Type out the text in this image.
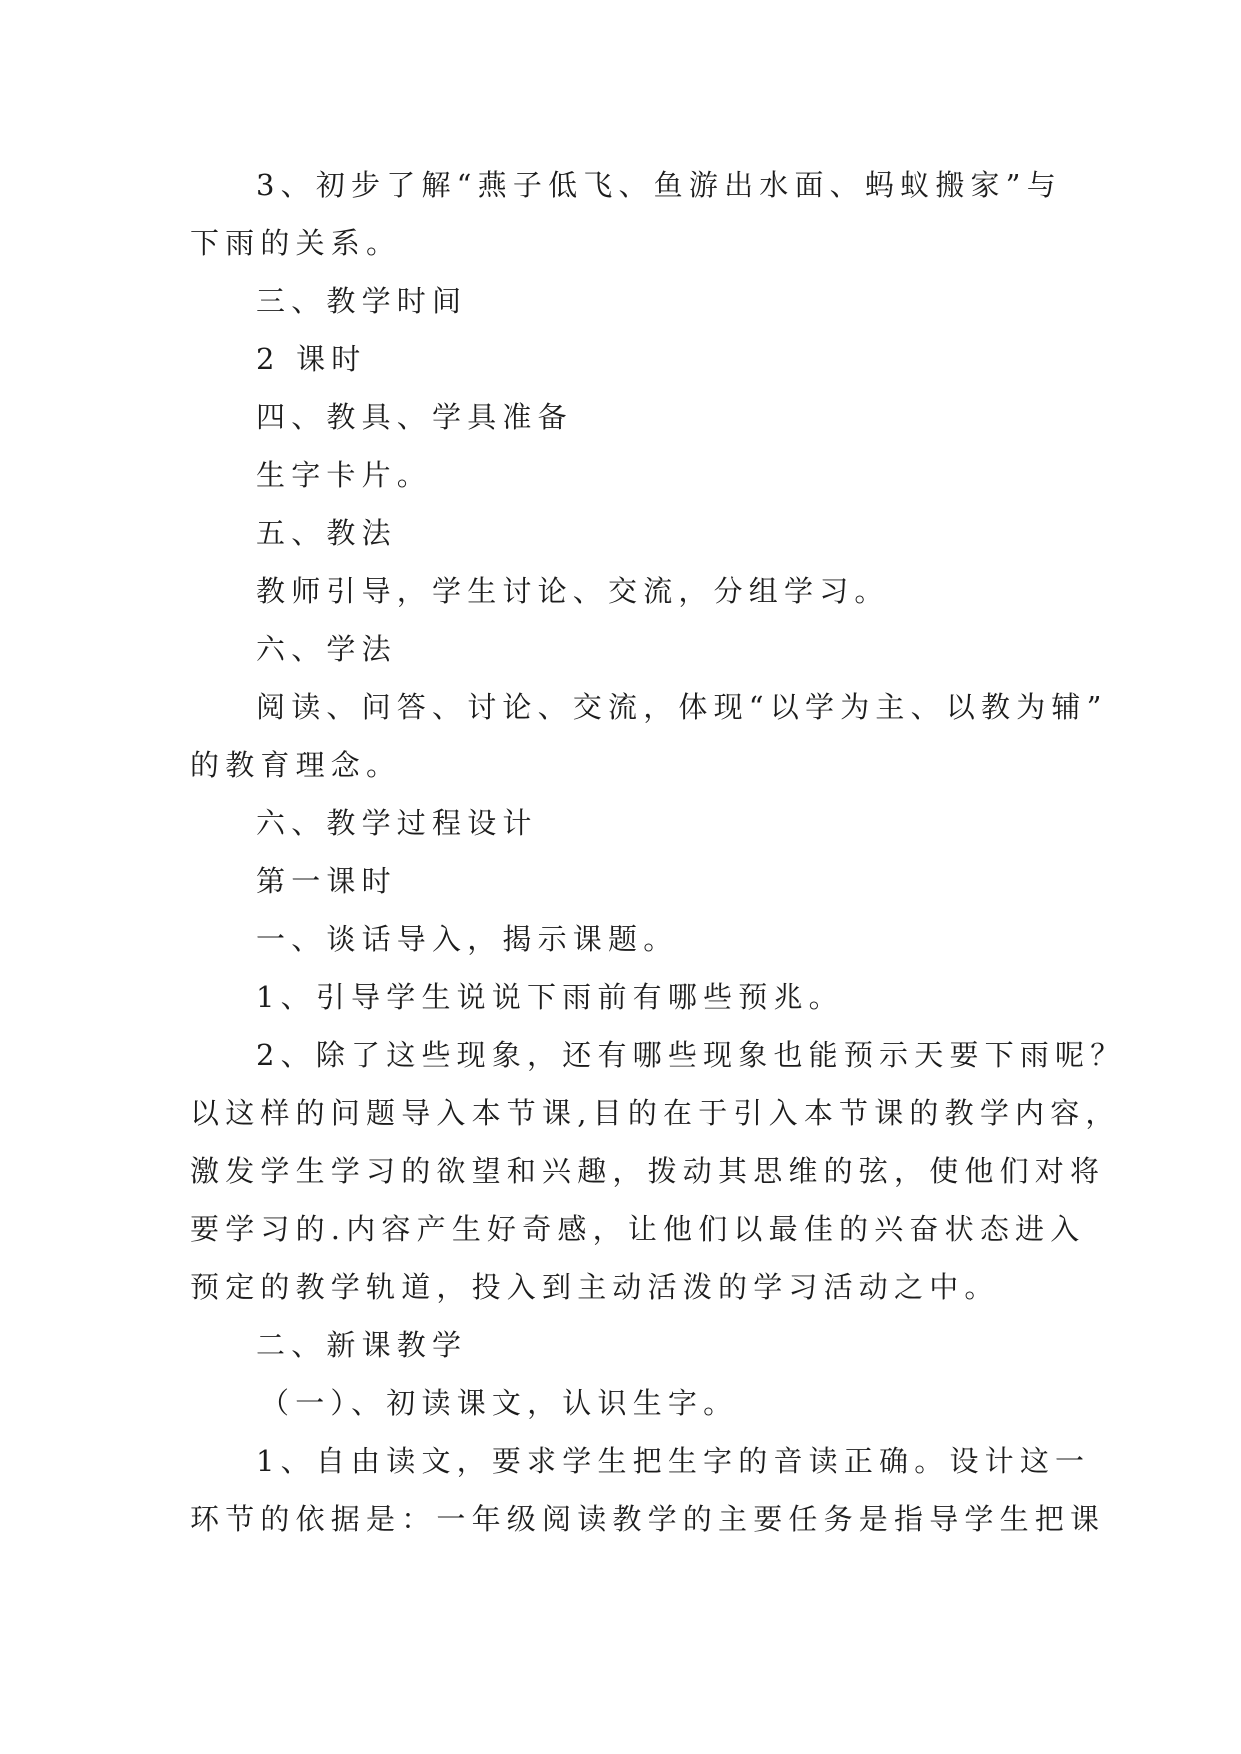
3、初步了解“燕子低飞、鱼游出水面、蚂蚁搬家”与
下雨的关系。
三、教学时间
2 课时
四、教具、学具准备
生字卡片。
五、教法
教师引导，学生讨论、交流，分组学习。
六、学法
阅读、问答、讨论、交流，体现“以学为主、以教为辅”
的教育理念。
六、教学过程设计
第一课时
一、谈话导入，揭示课题。
1、引导学生说说下雨前有哪些预兆。
2、除了这些现象，还有哪些现象也能预示天要下雨呢？
以这样的问题导入本节课,目的在于引入本节课的教学内容，
激发学生学习的欲望和兴趣，拨动其思维的弦，使他们对将
要学习的.内容产生好奇感，让他们以最佳的兴奋状态进入
预定的教学轨道，投入到主动活泼的学习活动之中。
二、新课教学
（一）、初读课文，认识生字。
1、自由读文，要求学生把生字的音读正确。设计这一
环节的依据是：一年级阅读教学的主要任务是指导学生把课
